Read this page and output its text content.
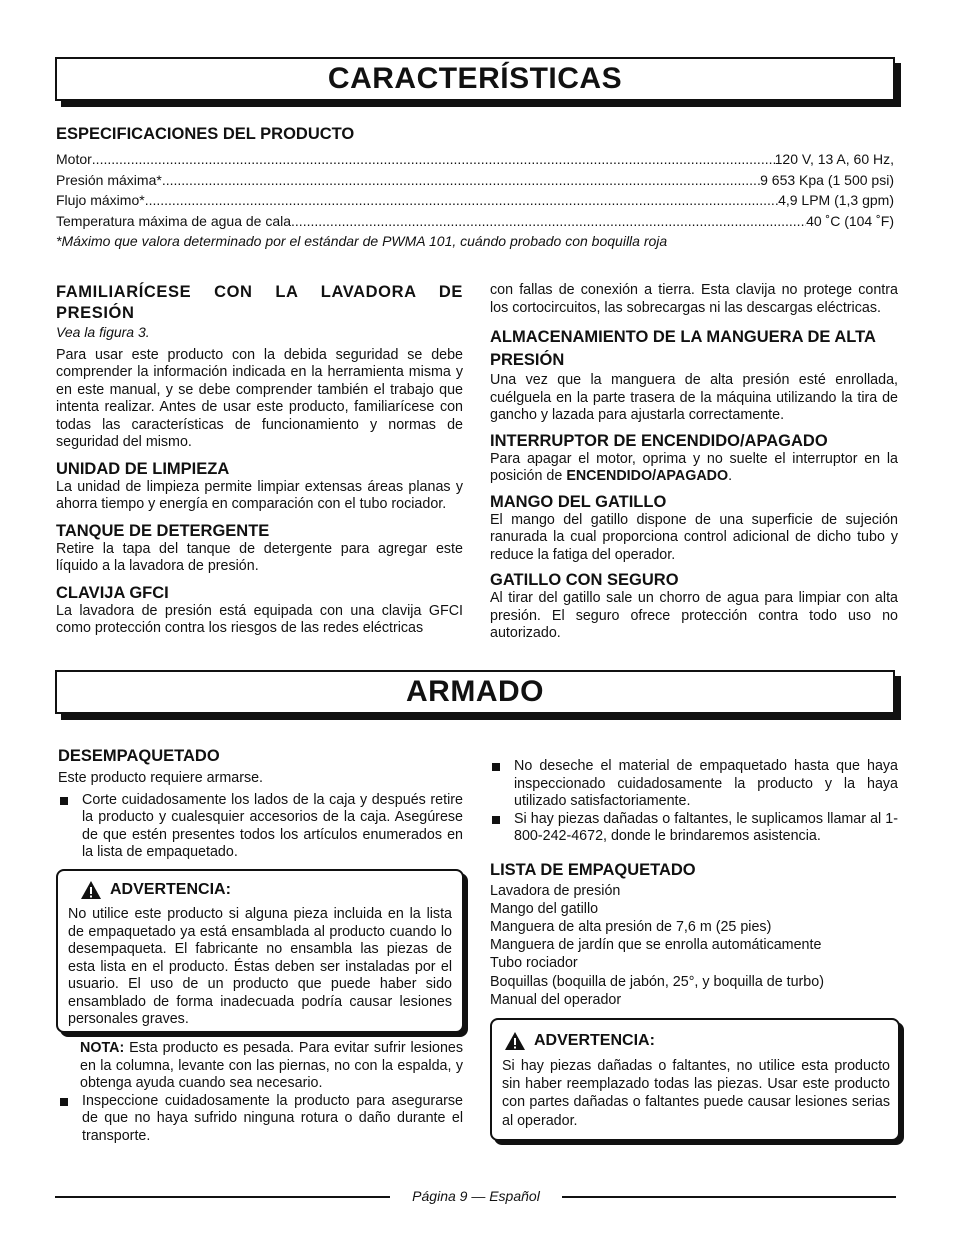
CARACTERÍSTICAS

ESPECIFICACIONES DEL PRODUCTO

Motor .....	120 V, 13 A, 60 Hz,
Presión máxima* .....	9 653 Kpa (1 500 psi)
Flujo máximo* .....	4,9 LPM (1,3 gpm)
Temperatura máxima de agua de cala .....	40 ˚C (104 ˚F)

*Máximo que valora determinado por el estándar de PWMA 101, cuándo probado con boquilla roja

FAMILIARÍCESE CON LA LAVADORA DE PRESIÓN

Vea la figura 3.

Para usar este producto con la debida seguridad se debe comprender la información indicada en la herramienta misma y en este manual, y se debe comprender también el trabajo que intenta realizar. Antes de usar este producto, familiarícese con todas las características de funcionamiento y normas de seguridad del mismo.

UNIDAD DE LIMPIEZA

La unidad de limpieza permite limpiar extensas áreas planas y ahorra tiempo y energía en comparación con el tubo rociador.

TANQUE DE DETERGENTE

Retire la tapa del tanque de detergente para agregar este líquido a la lavadora de presión.

CLAVIJA GFCI

La lavadora de presión está equipada con una clavija GFCI como protección contra los riesgos de las redes eléctricas

con fallas de conexión a tierra. Esta clavija no protege contra los cortocircuitos, las sobrecargas ni las descargas eléctricas.

ALMACENAMIENTO DE LA MANGUERA DE ALTA PRESIÓN

Una vez que la manguera de alta presión esté enrollada, cuélguela en la parte trasera de la máquina utilizando la tira de gancho y lazada para ajustarla correctamente.

INTERRUPTOR DE ENCENDIDO/APAGADO

Para apagar el motor, oprima y no suelte el interruptor en la posición de ENCENDIDO/APAGADO.

MANGO DEL GATILLO

El mango del gatillo dispone de una superficie de sujeción ranurada la cual proporciona control adicional de dicho tubo y reduce la fatiga del operador.

GATILLO CON SEGURO

Al tirar del gatillo sale un chorro de agua para limpiar con alta presión. El seguro ofrece protección contra todo uso no autorizado.

ARMADO

DESEMPAQUETADO

Este producto requiere armarse.

Corte cuidadosamente los lados de la caja y después retire la producto y cualesquier accesorios de la caja. Asegúrese de que estén presentes todos los artículos enumerados en la lista de empaquetado.
ADVERTENCIA:

No utilice este producto si alguna pieza incluida en la lista de empaquetado ya está ensamblada al producto cuando lo desempaqueta. El fabricante no ensambla las piezas de esta lista en el producto. Éstas deben ser instaladas por el usuario. El uso de un producto que puede haber sido ensamblado de forma inadecuada podría causar lesiones personales graves.

NOTA: Esta producto es pesada. Para evitar sufrir lesiones en la columna, levante con las piernas, no con la espalda, y obtenga ayuda cuando sea necesario.

Inspeccione cuidadosamente la producto para asegurarse de que no haya sufrido ninguna rotura o daño durante el transporte.
No deseche el material de empaquetado hasta que haya inspeccionado cuidadosamente la producto y la haya utilizado satisfactoriamente.
Si hay piezas dañadas o faltantes, le suplicamos llamar al 1-800-242-4672, donde le brindaremos asistencia.

LISTA DE EMPAQUETADO

Lavadora de presión

Mango del gatillo

Manguera de alta presión de 7,6 m (25 pies)

Manguera de jardín que se enrolla automáticamente

Tubo rociador

Boquillas (boquilla de jabón, 25°, y boquilla de turbo)

Manual del operador

ADVERTENCIA:

Si hay piezas dañadas o faltantes, no utilice esta producto sin haber reemplazado todas las piezas. Usar este producto con partes dañadas o faltantes puede causar lesiones serias al operador.

Página 9 — Español
